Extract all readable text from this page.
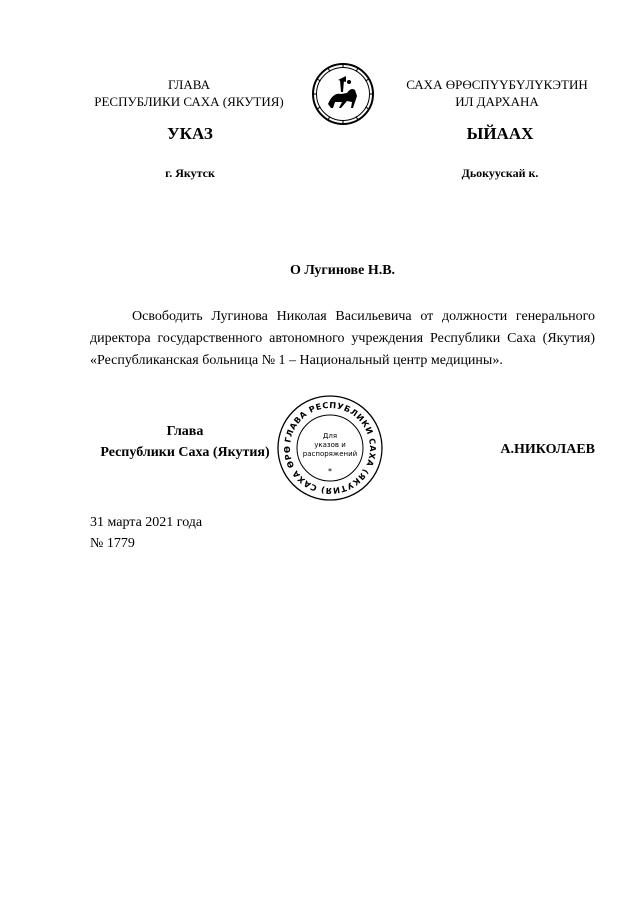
ГЛАВА
РЕСПУБЛИКИ САХА (ЯКУТИЯ)
САХА ӨРӨСПҮҮБҮЛҮКЭТИН
ИЛ ДАРХАНА
УКАЗ	ЫЙААХ
г. Якутск	Дьокуускай к.
О Лугинове Н.В.
Освободить Лугинова Николая Васильевича от должности генерального директора государственного автономного учреждения Республики Саха (Якутия) «Республиканская больница № 1 – Национальный центр медицины».
Глава
Республики Саха (Якутия)
ГЛАВА РЕСПУБЛИКИ САХА (ЯКУТИЯ) САХА ӨРӨ
Для
указов и
распоряжений
*
А.НИКОЛАЕВ
31 марта 2021 года
№ 1779
